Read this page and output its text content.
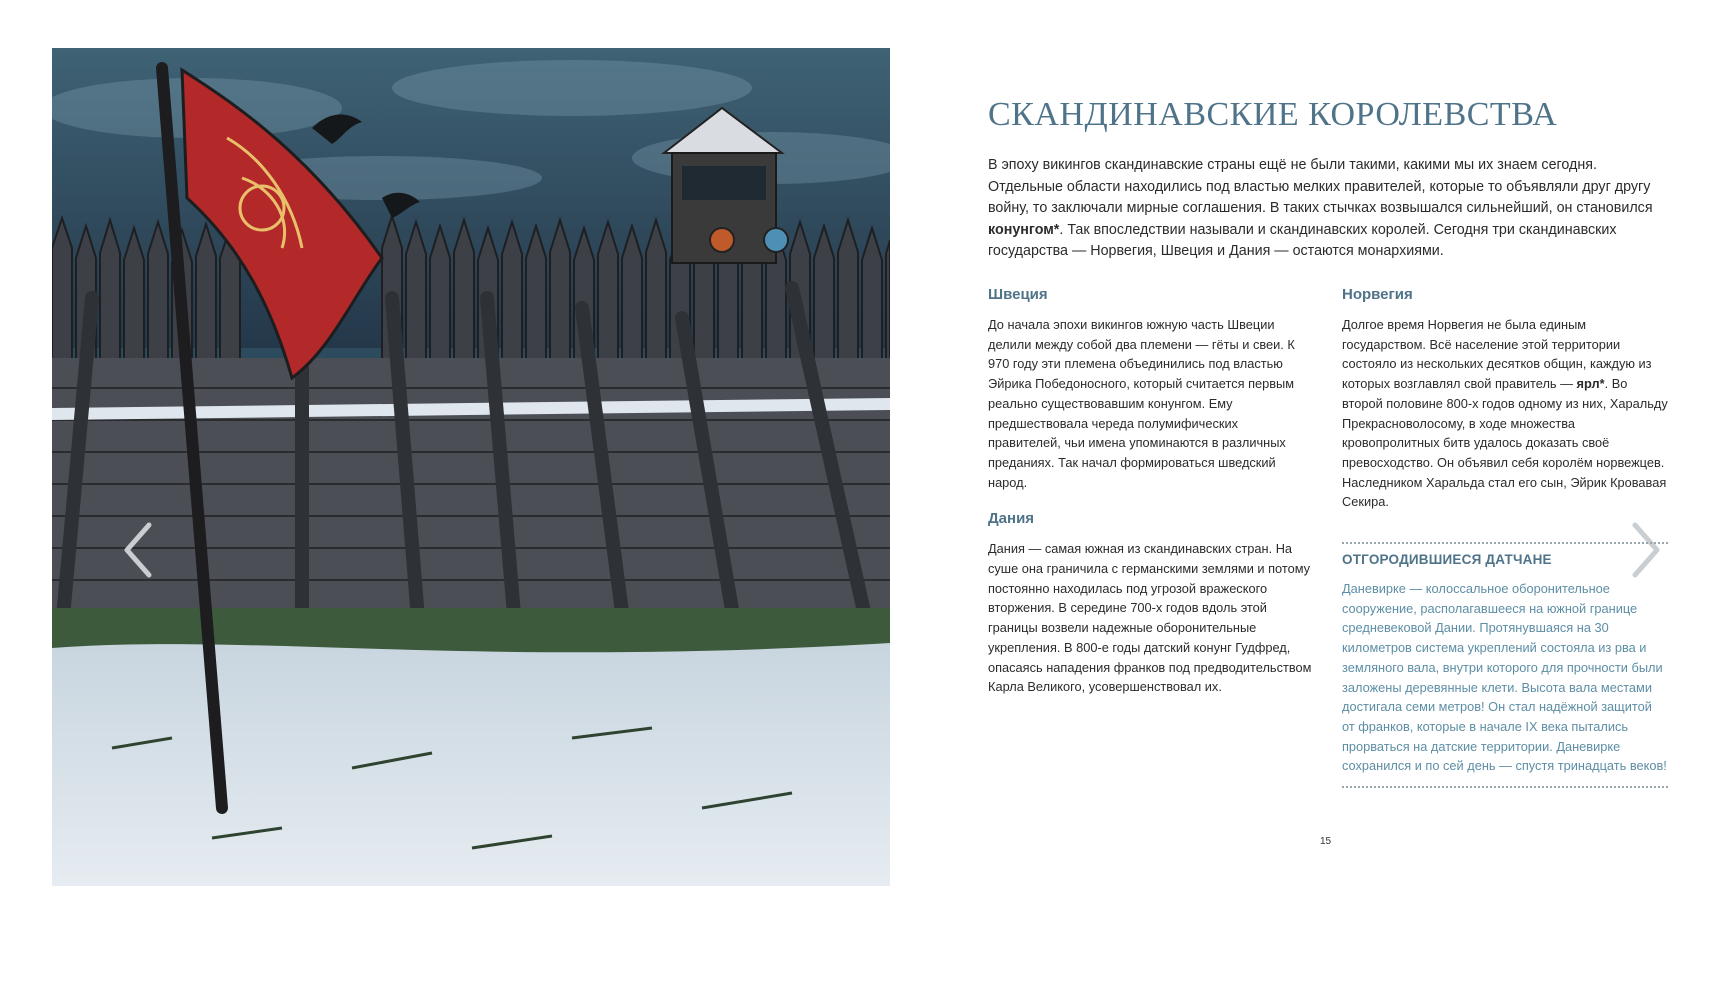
СКАНДИНАВСКИЕ КОРОЛЕВСТВА

В эпоху викингов скандинавские страны ещё не были такими, какими мы их знаем сегодня. Отдельные области находились под властью мелких правителей, которые то объявляли друг другу войну, то заключали мирные соглашения. В таких стычках возвышался сильнейший, он становился конунгом*. Так впоследствии называли и скандинавских королей. Сегодня три скандинавских государства — Норвегия, Швеция и Дания — остаются монархиями.

Швеция

До начала эпохи викингов южную часть Швеции делили между собой два племени — гёты и свеи. К 970 году эти племена объединились под властью Эйрика Победоносного, который считается первым реально существовавшим конунгом. Ему предшествовала череда полумифических правителей, чьи имена упоминаются в различных преданиях. Так начал формироваться шведский народ.

Дания

Дания — самая южная из скандинавских стран. На суше она граничила с германскими землями и потому постоянно находилась под угрозой вражеского вторжения. В середине 700-х годов вдоль этой границы возвели надежные оборонительные укрепления. В 800-е годы датский конунг Гудфред, опасаясь нападения франков под предводительством Карла Великого, усовершенствовал их.

Норвегия

Долгое время Норвегия не была единым государством. Всё население этой территории состояло из нескольких десятков общин, каждую из которых возглавлял свой правитель — ярл*. Во второй половине 800-х годов одному из них, Харальду Прекрасноволосому, в ходе множества кровопролитных битв удалось доказать своё превосходство. Он объявил себя королём норвежцев. Наследником Харальда стал его сын, Эйрик Кровавая Секира.

ОТГОРОДИВШИЕСЯ ДАТЧАНЕ

Даневирке — колоссальное оборонительное сооружение, располагавшееся на южной границе средневековой Дании. Протянувшаяся на 30 километров система укреплений состояла из рва и земляного вала, внутри которого для прочности были заложены деревянные клети. Высота вала местами достигала семи метров! Он стал надёжной защитой от франков, которые в начале IX века пытались прорваться на датские территории. Даневирке сохранился и по сей день — спустя тринадцать веков!

15
